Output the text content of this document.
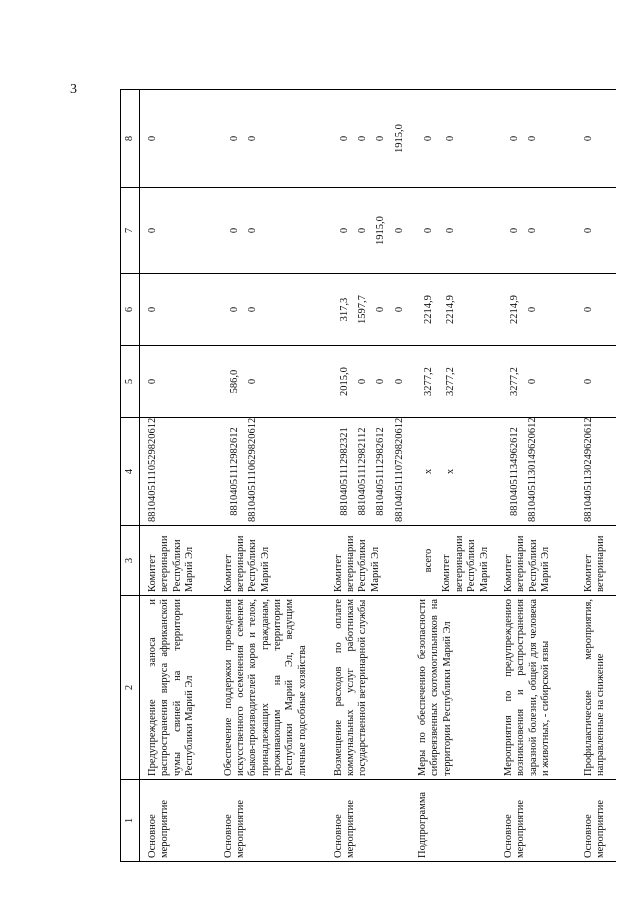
3
1	2	3	4	5	6	7	8
Основное мероприятие	Предупреждение заноса и распространения вируса африканской чумы свиней на территории Республики Марий Эл	Комитет ветеринарии Республики Марий Эл	88104051110529820612	0	0	0	0
Основное мероприятие	Обеспечение поддержки проведения искусственного осеменения семенем быков-производителей коров и телок, принадлежащих гражданам, проживающим на территории Республики Марий Эл, ведущим личные подсобные хозяйства	Комитет ветеринарии Республики Марий Эл	88104051112982612 88104051110629820612	586,0 0	0 0	0 0	0 0

Основное мероприятие	Возмещение расходов по оплате коммунальных услуг работникам государственной ветеринарной службы	Комитет ветеринарии Республики Марий Эл	88104051112982321 88104051112982112 88104051112982612 88104051110729820612	2015,0 0 0 0	317,3 1597,7 0 0	0 0 1915,0 0	0 0 0 1915,0

Подпрограмма	Меры по обеспечению безопасности сибиреязвенных скотомогильников на территории Республики Марий Эл	всего Комитет ветеринарии Республики Марий Эл	x x	3277,2 3277,2	2214,9 2214,9	0 0	0 0

Основное мероприятие	Мероприятия по предупреждению возникновения и распространения заразной болезни, общей для человека и животных, - сибирской язвы	Комитет ветеринарии Республики Марий Эл	88104051134962612 88104051130149620612	3277,2 0	2214,9 0	0 0	0 0

Основное мероприятие	Профилактические мероприятия, направленные на снижение	Комитет ветеринарии	88104051130249620612	0	0	0	0
